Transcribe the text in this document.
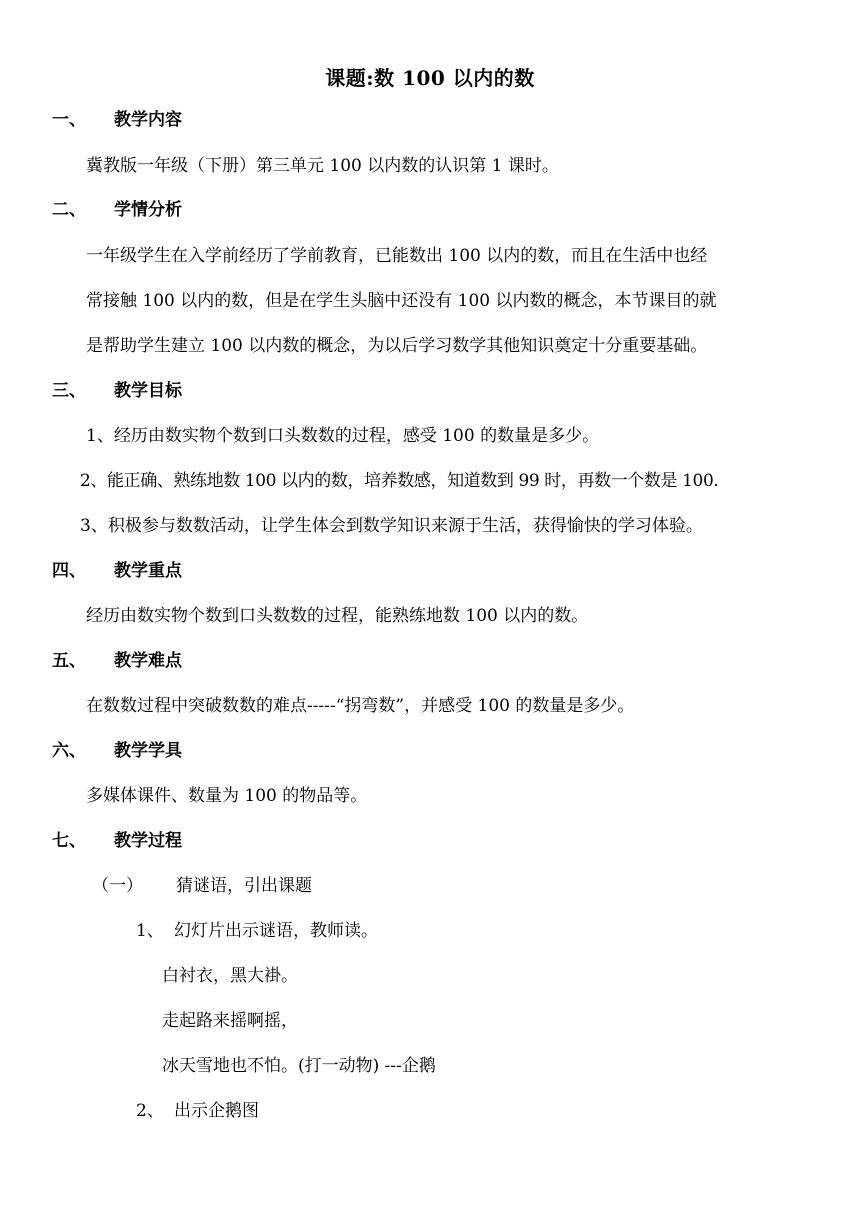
课题:数 100 以内的数
一、 教学内容
冀教版一年级（下册）第三单元 100 以内数的认识第 1 课时。
二、 学情分析
一年级学生在入学前经历了学前教育，已能数出 100 以内的数，而且在生活中也经
常接触 100 以内的数，但是在学生头脑中还没有 100 以内数的概念，本节课目的就
是帮助学生建立 100 以内数的概念，为以后学习数学其他知识奠定十分重要基础。
三、 教学目标
1、经历由数实物个数到口头数数的过程，感受 100 的数量是多少。
2、能正确、熟练地数 100 以内的数，培养数感，知道数到 99 时，再数一个数是 100.
3、积极参与数数活动，让学生体会到数学知识来源于生活，获得愉快的学习体验。
四、 教学重点
经历由数实物个数到口头数数的过程，能熟练地数 100 以内的数。
五、 教学难点
在数数过程中突破数数的难点-----“拐弯数”，并感受 100 的数量是多少。
六、 教学学具
多媒体课件、数量为 100 的物品等。
七、 教学过程
（一） 猜谜语，引出课题
1、 幻灯片出示谜语，教师读。
白衬衣，黑大褂。
走起路来摇啊摇，
冰天雪地也不怕。(打一动物) ---企鹅
2、 出示企鹅图
